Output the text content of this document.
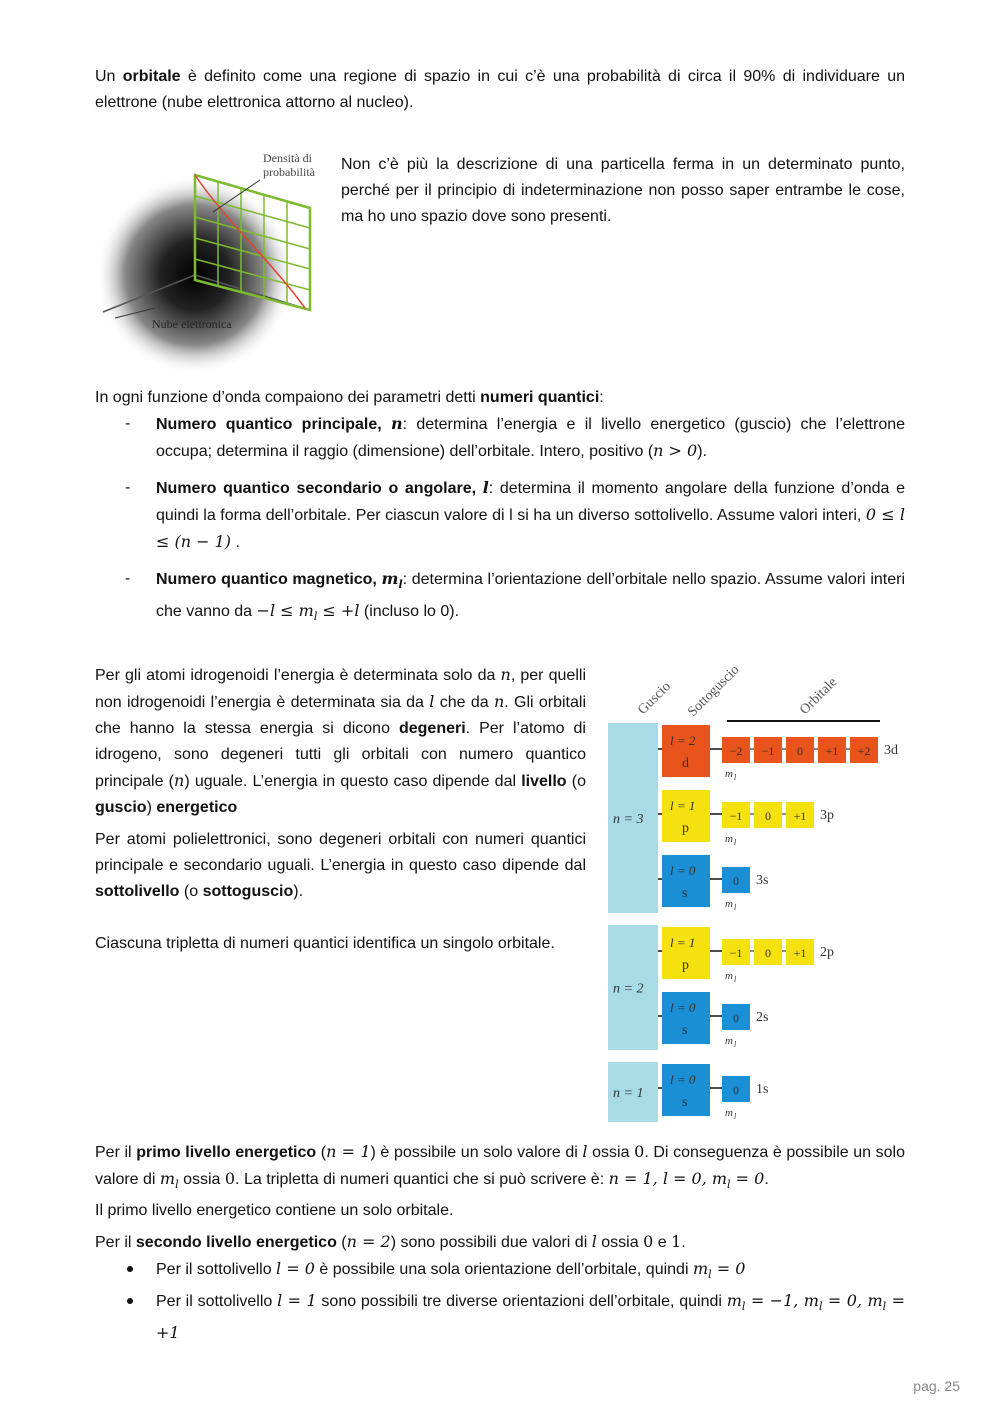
Un orbitale è definito come una regione di spazio in cui c’è una probabilità di circa il 90% di individuare un elettrone (nube elettronica attorno al nucleo).

Densità di
probabilità
Nube elettronica

Non c’è più la descrizione di una particella ferma in un determinato punto, perché per il principio di indeterminazione non posso saper entrambe le cose, ma ho uno spazio dove sono presenti.

In ogni funzione d’onda compaiono dei parametri detti numeri quantici:

- Numero quantico principale, n: determina l’energia e il livello energetico (guscio) che l’elettrone occupa; determina il raggio (dimensione) dell’orbitale. Intero, positivo (n > 0).
- Numero quantico secondario o angolare, l: determina il momento angolare della funzione d’onda e quindi la forma dell’orbitale. Per ciascun valore di l si ha un diverso sottolivello. Assume valori interi, 0 ≤ l ≤ (n − 1) .
- Numero quantico magnetico, $m_l$: determina l’orientazione dell’orbitale nello spazio. Assume valori interi che vanno da $-l \le m_l \le +l$ (incluso lo 0).

Per gli atomi idrogenoidi l’energia è determinata solo da n, per quelli non idrogenoidi l’energia è determinata sia da l che da n. Gli orbitali che hanno la stessa energia si dicono degeneri. Per l’atomo di idrogeno, sono degeneri tutti gli orbitali con numero quantico principale (n) uguale. L’energia in questo caso dipende dal livello (o guscio) energetico

Per atomi polielettronici, sono degeneri orbitali con numeri quantici principale e secondario uguali. L’energia in questo caso dipende dal sottolivello (o sottoguscio).

Ciascuna tripletta di numeri quantici identifica un singolo orbitale.

Guscio Sottoguscio	Orbitale
n = 3
l = 2
d
−2 −1 0 +1 +2 3d
m l
l = 1
p
−1 0 +1 3p
m l
l = 0
s
0 3s
m l
n = 2
l = 1
p
−1 0 +1 2p
m l
l = 0
s
0 2s
m l
n = 1
l = 0
s
0 1s
m l

Per il primo livello energetico (n = 1) è possibile un solo valore di l ossia 0. Di conseguenza è possibile un solo valore di $m_l$ ossia 0. La tripletta di numeri quantici che si può scrivere è: n = 1, l = 0, $m_l = 0$.

Il primo livello energetico contiene un solo orbitale.

Per il secondo livello energetico (n = 2) sono possibili due valori di l ossia 0 e 1.

Per il sottolivello l = 0 è possibile una sola orientazione dell’orbitale, quindi $m_l = 0$
Per il sottolivello l = 1 sono possibili tre diverse orientazioni dell’orbitale, quindi $m_l = -1$, $m_l = 0$, $m_l = +1$
pag. 25
